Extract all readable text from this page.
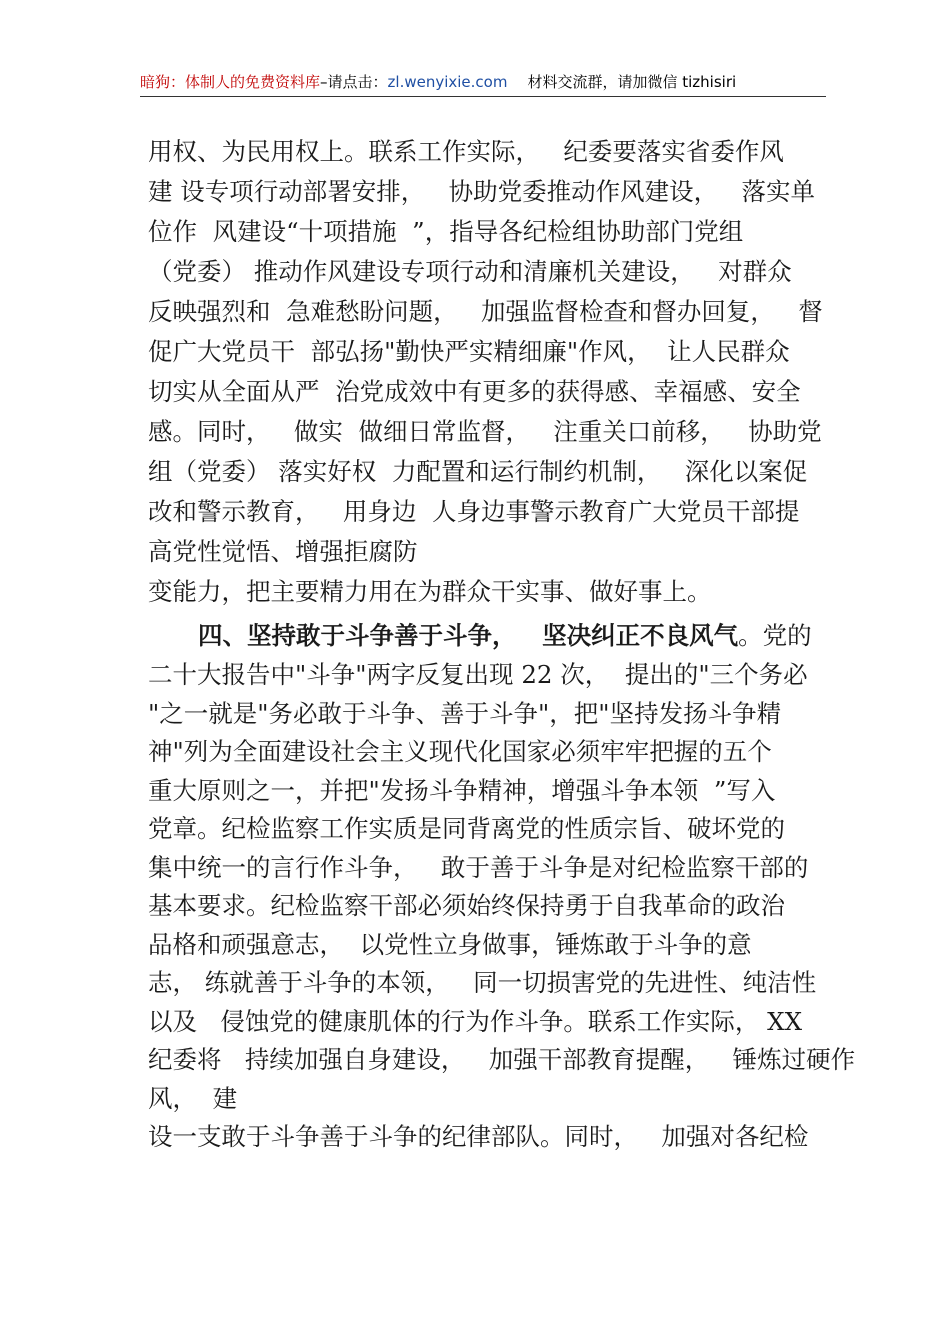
暗狗：体制人的免费资料库–请点击：zl.wenyixie.com 材料交流群，请加微信 tizhisiri
用权、为民用权上。联系工作实际，   纪委要落实省委作风
建 设专项行动部署安排，   协助党委推动作风建设，   落实单
位作  风建设“十项措施  ”，指导各纪检组协助部门党组
（党委） 推动作风建设专项行动和清廉机关建设，   对群众
反映强烈和  急难愁盼问题，   加强监督检查和督办回复，   督
促广大党员干  部弘扬"勤快严实精细廉"作风，  让人民群众
切实从全面从严  治党成效中有更多的获得感、幸福感、安全
感。同时，   做实  做细日常监督，   注重关口前移，   协助党
组（党委） 落实好权  力配置和运行制约机制，   深化以案促
改和警示教育，   用身边  人身边事警示教育广大党员干部提
高党性觉悟、增强拒腐防
变能力，把主要精力用在为群众干实事、做好事上。
四、坚持敢于斗争善于斗争，   坚决纠正不良风气。党的
二十大报告中"斗争"两字反复出现 22 次，  提出的"三个务必
"之一就是"务必敢于斗争、善于斗争"，把"坚持发扬斗争精
神"列为全面建设社会主义现代化国家必须牢牢把握的五个
重大原则之一，并把"发扬斗争精神，增强斗争本领  ”写入
党章。纪检监察工作实质是同背离党的性质宗旨、破坏党的
集中统一的言行作斗争，   敢于善于斗争是对纪检监察干部的
基本要求。纪检监察干部必须始终保持勇于自我革命的政治
品格和顽强意志，  以党性立身做事，锤炼敢于斗争的意
志， 练就善于斗争的本领，   同一切损害党的先进性、纯洁性
以及   侵蚀党的健康肌体的行为作斗争。联系工作实际， XX
纪委将   持续加强自身建设，   加强干部教育提醒，   锤炼过硬作
风，  建
设一支敢于斗争善于斗争的纪律部队。同时，   加强对各纪检
